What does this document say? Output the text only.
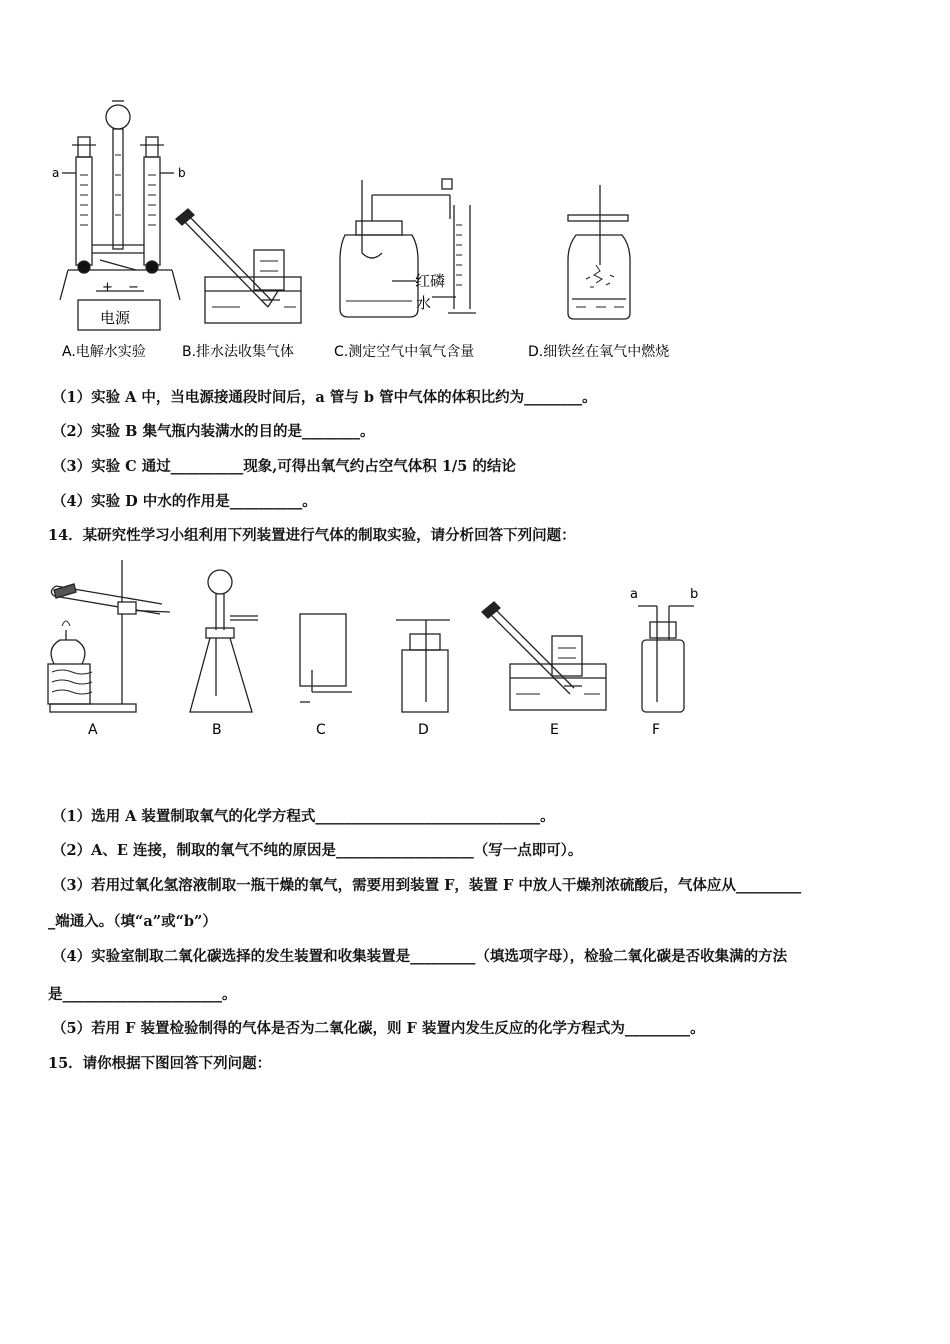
a	b
+ −
电源
红磷
水
A.电解水实验	B.排水法收集气体	C.测定空气中氧气含量	D.细铁丝在氧气中燃烧
（1）实验 A 中，当电源接通段时间后，a 管与 b 管中气体的体积比约为________。
（2）实验 B 集气瓶内装满水的目的是________。
（3）实验 C 通过__________现象,可得出氧气约占空气体积 1/5 的结论
（4）实验 D 中水的作用是__________。
14．某研究性学习小组利用下列装置进行气体的制取实验，请分析回答下列问题：
a	b
A	B	C	D	E	F
（1）选用 A 装置制取氧气的化学方程式_______________________________。
（2）A、E 连接，制取的氧气不纯的原因是___________________（写一点即可）。
（3）若用过氧化氢溶液制取一瓶干燥的氧气，需要用到装置 F，装置 F 中放人干燥剂浓硫酸后，气体应从_________
_端通入。（填“a”或“b”）
（4）实验室制取二氧化碳选择的发生装置和收集装置是_________（填选项字母），检验二氧化碳是否收集满的方法
是______________________。
（5）若用 F 装置检验制得的气体是否为二氧化碳，则 F 装置内发生反应的化学方程式为_________。
15．请你根据下图回答下列问题：
